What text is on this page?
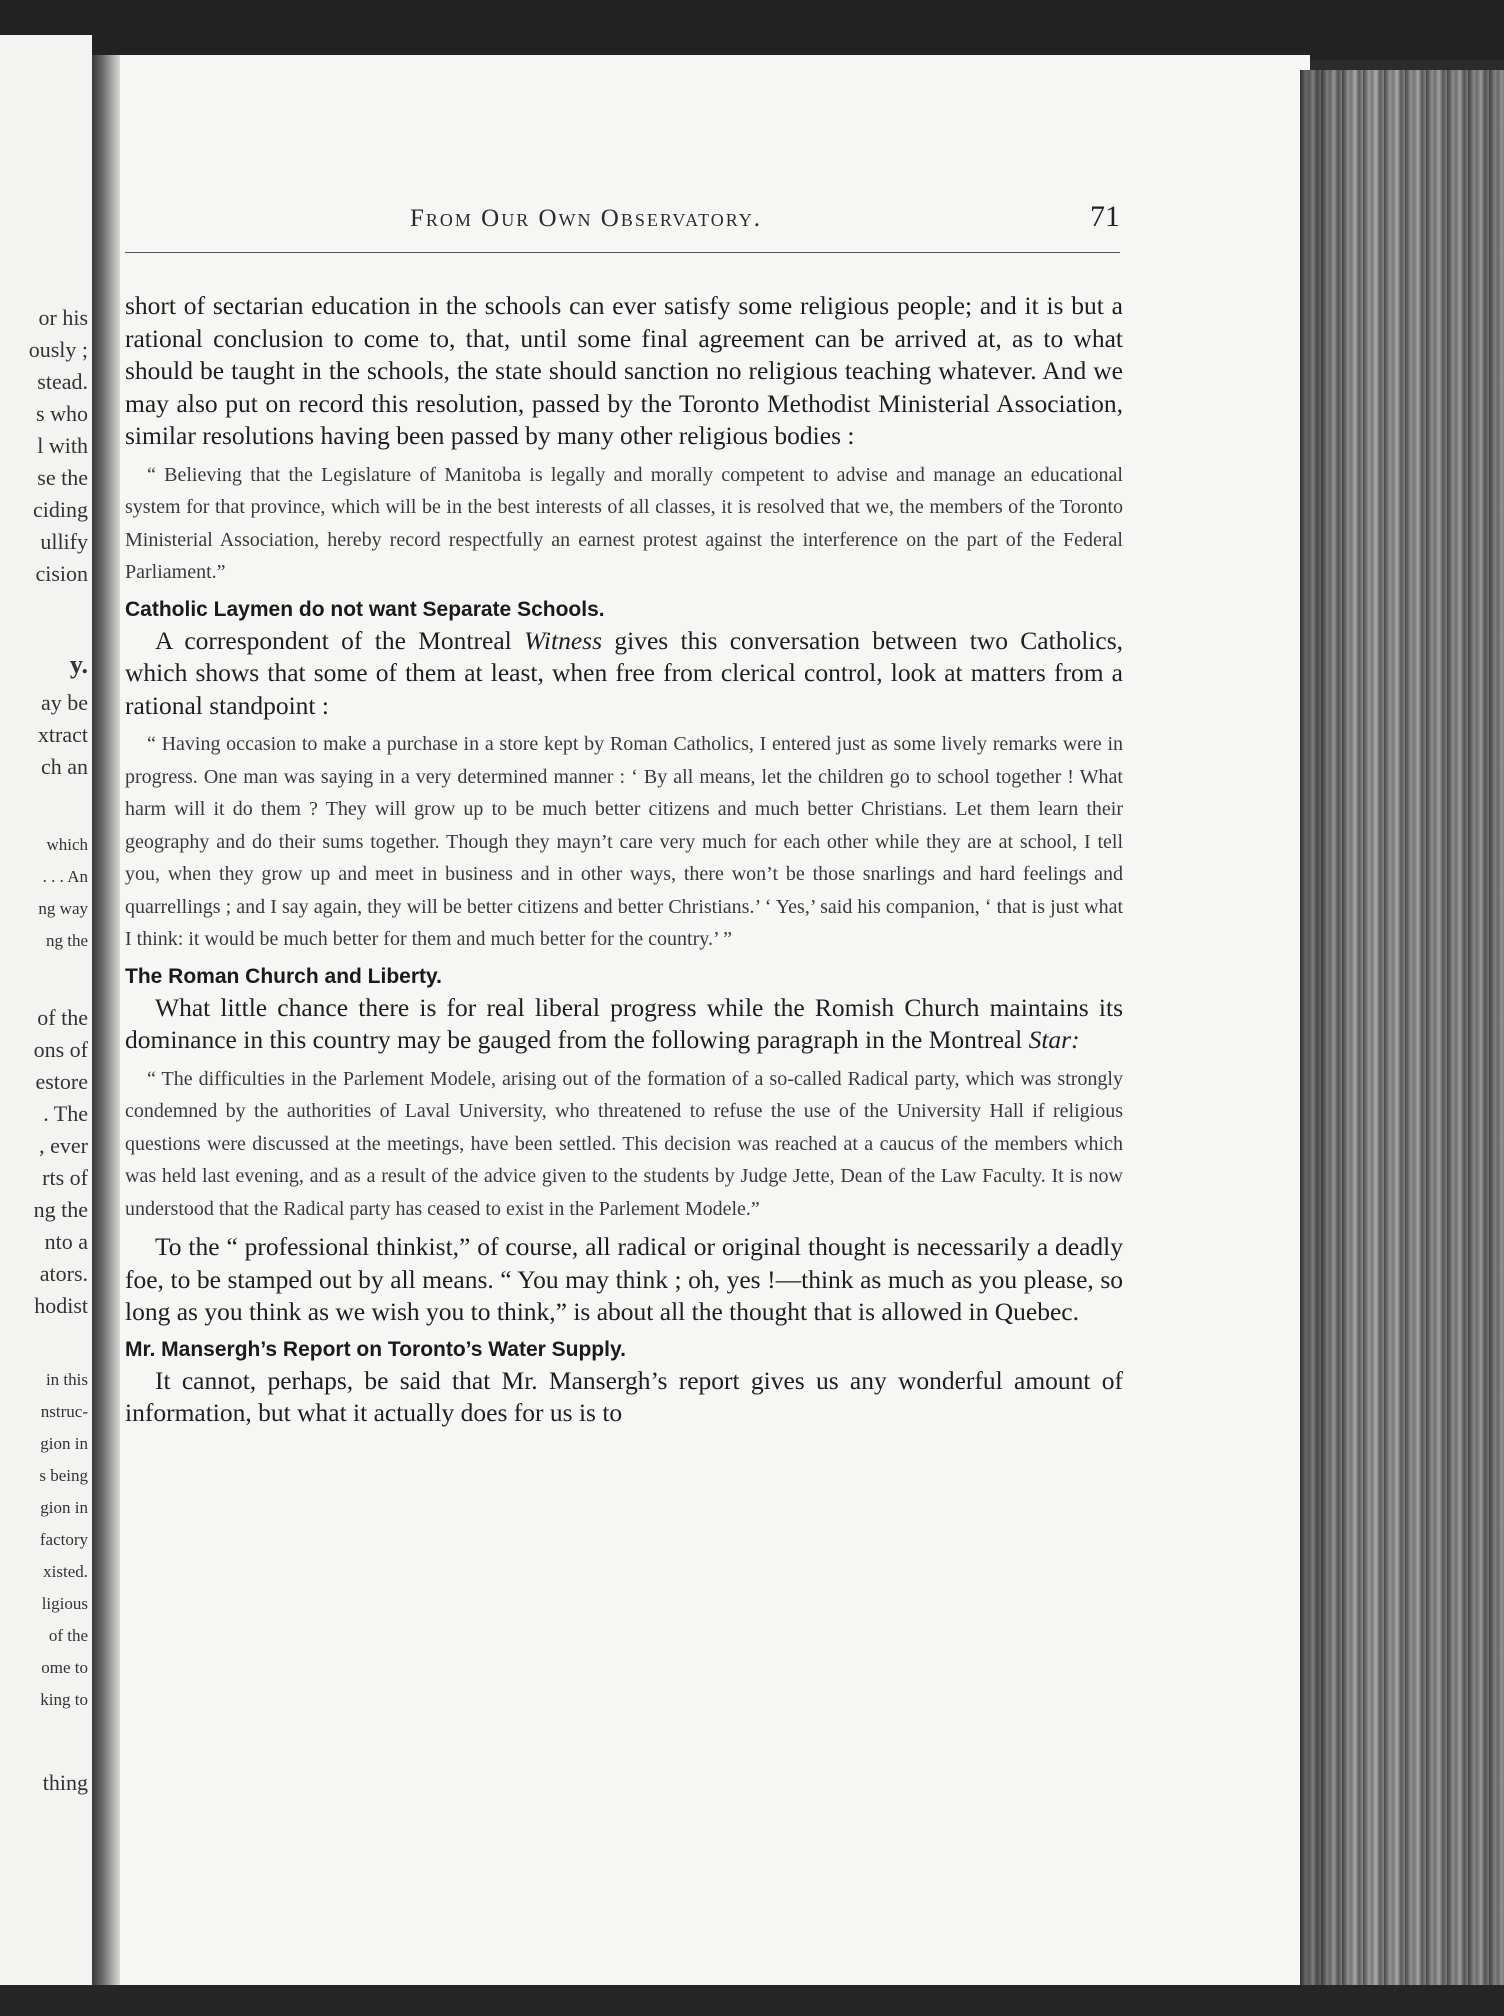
or his

ously ;

stead.

s who

l with

se the

ciding

ullify

cision

y.

ay be

xtract

ch an

which

. . . An

ng way

ng the

of the

ons of

estore

. The

, ever

rts of

ng the

nto a

ators.

hodist

in this

nstruc-

gion in

s being

gion in

factory

xisted.

ligious

of the

ome to

king to

thing

From Our Own Observatory.	71

short of sectarian education in the schools can ever satisfy some religious people; and it is but a rational conclusion to come to, that, until some final agreement can be arrived at, as to what should be taught in the schools, the state should sanction no religious teaching whatever. And we may also put on record this resolution, passed by the Toronto Methodist Ministerial Association, similar resolutions having been passed by many other religious bodies :

“ Believing that the Legislature of Manitoba is legally and morally competent to advise and manage an educational system for that province, which will be in the best interests of all classes, it is resolved that we, the members of the Toronto Ministerial Association, hereby record respectfully an earnest protest against the interference on the part of the Federal Parliament.”

Catholic Laymen do not want Separate Schools.

A correspondent of the Montreal Witness gives this conversation between two Catholics, which shows that some of them at least, when free from clerical control, look at matters from a rational standpoint :

“ Having occasion to make a purchase in a store kept by Roman Catholics, I entered just as some lively remarks were in progress. One man was saying in a very determined manner : ‘ By all means, let the children go to school together ! What harm will it do them ? They will grow up to be much better citizens and much better Christians. Let them learn their geography and do their sums together. Though they mayn’t care very much for each other while they are at school, I tell you, when they grow up and meet in business and in other ways, there won’t be those snarlings and hard feelings and quarrellings ; and I say again, they will be better citizens and better Christians.’ ‘ Yes,’ said his companion, ‘ that is just what I think: it would be much better for them and much better for the country.’ ”

The Roman Church and Liberty.

What little chance there is for real liberal progress while the Romish Church maintains its dominance in this country may be gauged from the following paragraph in the Montreal Star:

“ The difficulties in the Parlement Modele, arising out of the formation of a so-called Radical party, which was strongly condemned by the authorities of Laval University, who threatened to refuse the use of the University Hall if religious questions were discussed at the meetings, have been settled. This decision was reached at a caucus of the members which was held last evening, and as a result of the advice given to the students by Judge Jette, Dean of the Law Faculty. It is now understood that the Radical party has ceased to exist in the Parlement Modele.”

To the “ professional thinkist,” of course, all radical or original thought is necessarily a deadly foe, to be stamped out by all means. “ You may think ; oh, yes !—think as much as you please, so long as you think as we wish you to think,” is about all the thought that is allowed in Quebec.

Mr. Mansergh’s Report on Toronto’s Water Supply.

It cannot, perhaps, be said that Mr. Mansergh’s report gives us any wonderful amount of information, but what it actually does for us is to
